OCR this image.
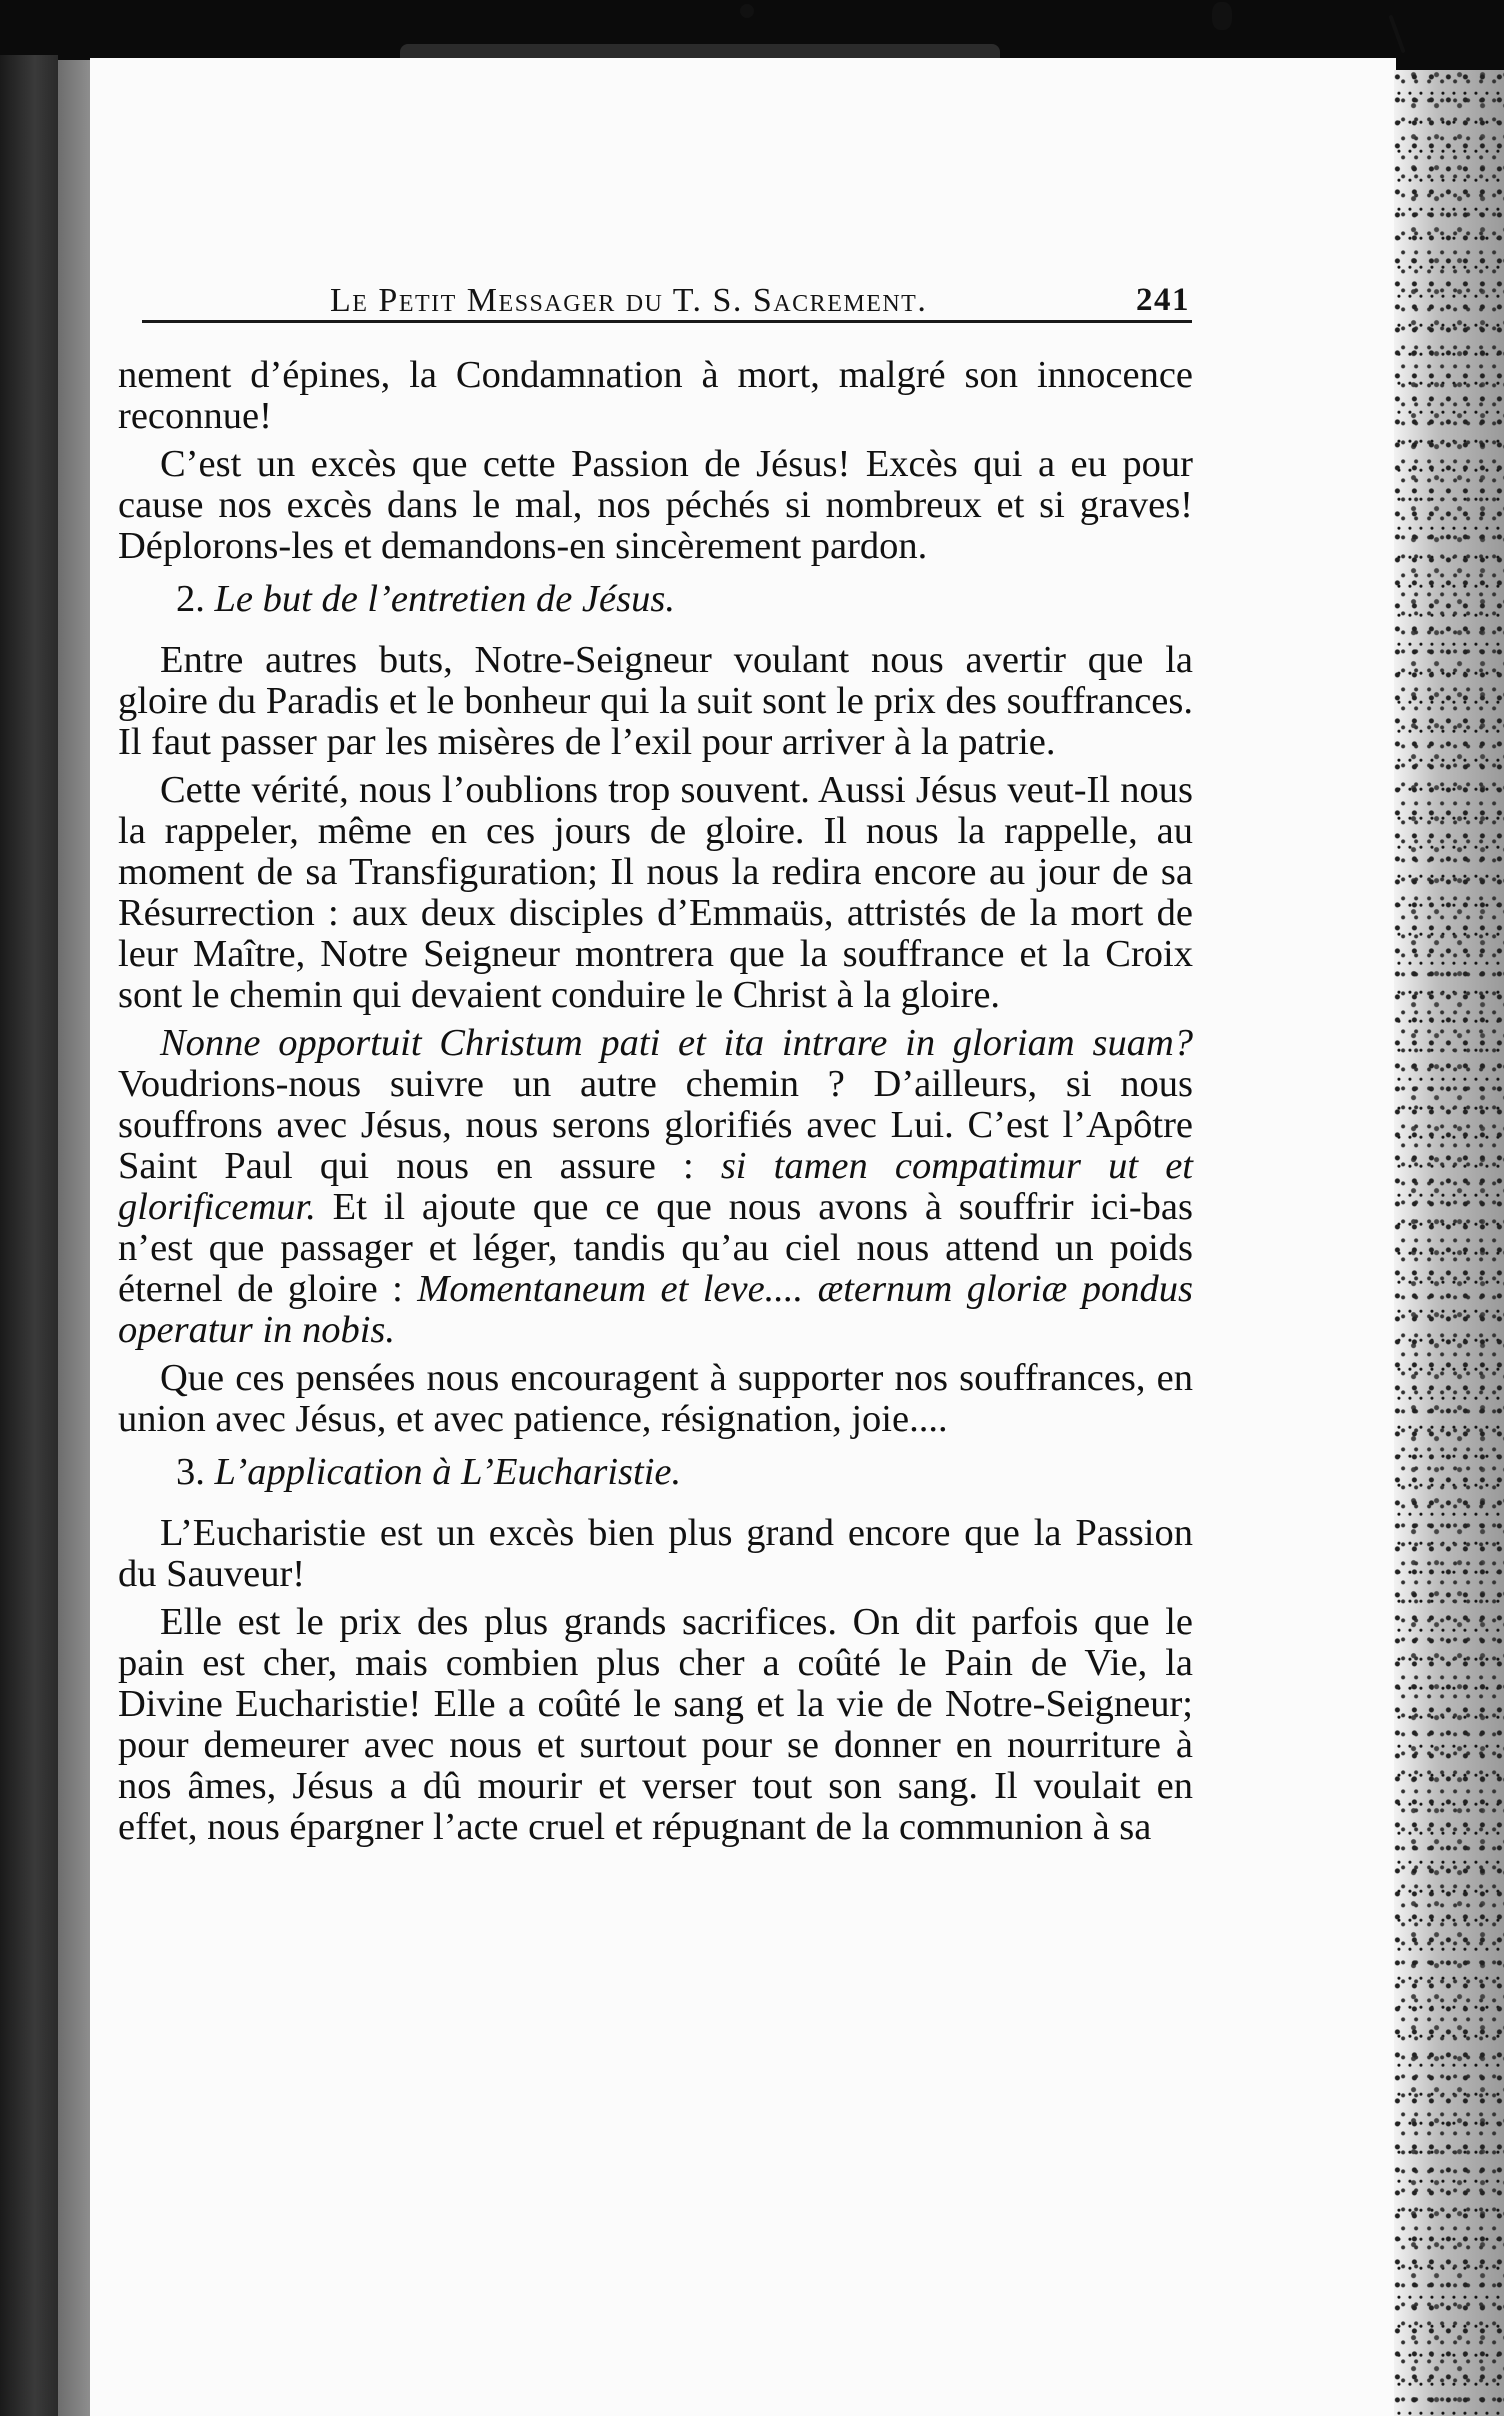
Le Petit Messager du T. S. Sacrement.	241

nement d’épines, la Condamnation à mort, malgré son innocence reconnue!

C’est un excès que cette Passion de Jésus! Excès qui a eu pour cause nos excès dans le mal, nos péchés si nombreux et si graves! Déplorons-les et demandons-en sincèrement pardon.

2. Le but de l’entretien de Jésus.

Entre autres buts, Notre-Seigneur voulant nous avertir que la gloire du Paradis et le bonheur qui la suit sont le prix des souffrances. Il faut passer par les misères de l’exil pour arriver à la patrie.

Cette vérité, nous l’oublions trop souvent. Aussi Jésus veut-Il nous la rappeler, même en ces jours de gloire. Il nous la rappelle, au moment de sa Transfiguration; Il nous la redira encore au jour de sa Résurrection : aux deux disciples d’Emmaüs, attristés de la mort de leur Maître, Notre Seigneur montrera que la souffrance et la Croix sont le chemin qui devaient conduire le Christ à la gloire.

Nonne opportuit Christum pati et ita intrare in gloriam suam?Voudrions-nous suivre un autre chemin ? D’ailleurs, si nous souffrons avec Jésus, nous serons glorifiés avec Lui. C’est l’Apôtre Saint Paul qui nous en assure : si tamen compatimur ut et glorificemur. Et il ajoute que ce que nous avons à souffrir ici-bas n’est que passager et léger, tandis qu’au ciel nous attend un poids éternel de gloire : Momentaneum et leve.... æternum gloriæ pondus operatur in nobis.

Que ces pensées nous encouragent à supporter nos souffrances, en union avec Jésus, et avec patience, résignation, joie....

3. L’application à L’Eucharistie.

L’Eucharistie est un excès bien plus grand encore que la Passion du Sauveur!

Elle est le prix des plus grands sacrifices. On dit parfois que le pain est cher, mais combien plus cher a coûté le Pain de Vie, la Divine Eucharistie! Elle a coûté le sang et la vie de Notre-Seigneur; pour demeurer avec nous et surtout pour se donner en nourriture à nos âmes, Jésus a dû mourir et verser tout son sang. Il voulait en effet, nous épargner l’acte cruel et répugnant de la communion à sa
